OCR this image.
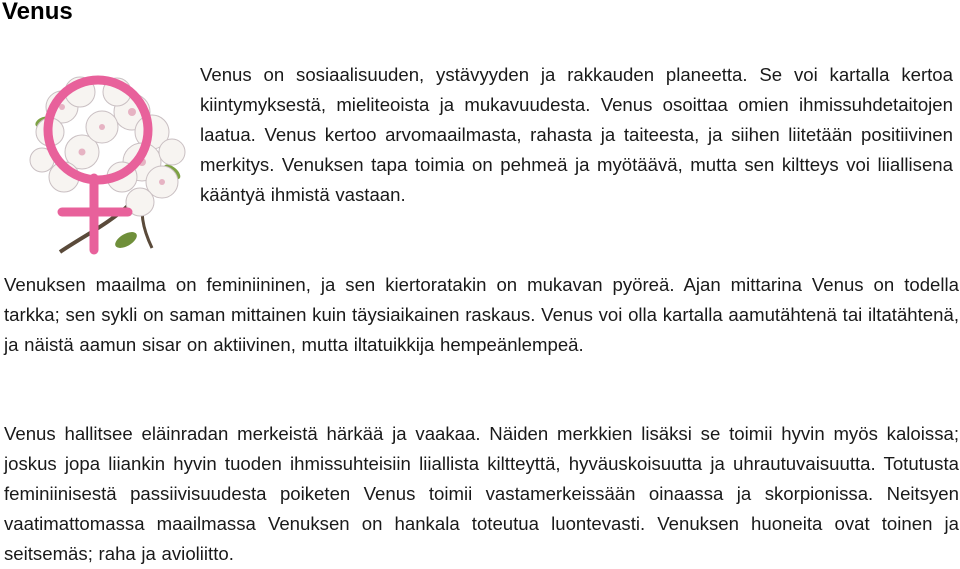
Venus

Venus on sosiaalisuuden, ystävyyden ja rakkauden planeetta. Se voi kartalla kertoa kiintymyksestä, mieliteoista ja mukavuudesta. Venus osoittaa omien ihmissuhdetaitojen laatua. Venus kertoo arvomaailmasta, rahasta ja taiteesta, ja siihen liitetään positiivinen merkitys. Venuksen tapa toimia on pehmeä ja myötäävä, mutta sen kiltteys voi liiallisena kääntyä ihmistä vastaan.

Venuksen maailma on feminiininen, ja sen kiertoratakin on mukavan pyöreä. Ajan mittarina Venus on todella tarkka; sen sykli on saman mittainen kuin täysiaikainen raskaus. Venus voi olla kartalla aamutähtenä tai iltatähtenä, ja näistä aamun sisar on aktiivinen, mutta iltatuikkija hempeänlempeä.

Venus hallitsee eläinradan merkeistä härkää ja vaakaa. Näiden merkkien lisäksi se toimii hyvin myös kaloissa; joskus jopa liiankin hyvin tuoden ihmissuhteisiin liiallista kiltteyttä, hyväuskoisuutta ja uhrautuvaisuutta. Totutusta feminiinisestä passiivisuudesta poiketen Venus toimii vastamerkeissään oinaassa ja skorpionissa. Neitsyen vaatimattomassa maailmassa Venuksen on hankala toteutua luontevasti. Venuksen huoneita ovat toinen ja seitsemäs; raha ja avioliitto.
